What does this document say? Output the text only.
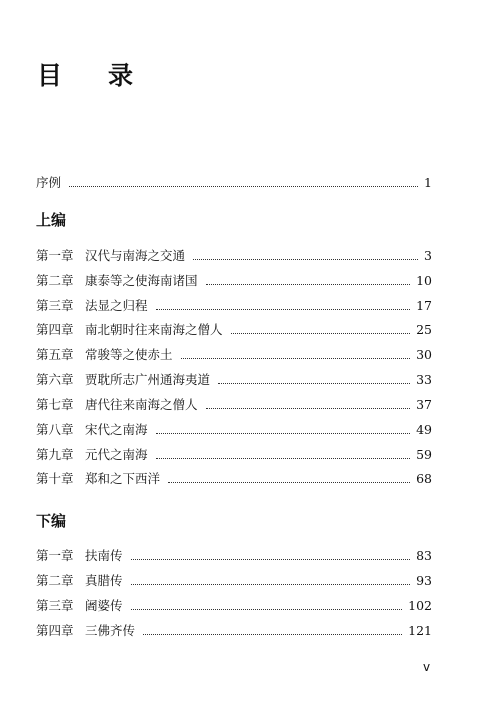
目 录
序例	1
上编
第一章 汉代与南海之交通	3
第二章 康泰等之使海南诸国	10
第三章 法显之归程	17
第四章 南北朝时往来南海之僧人	25
第五章 常骏等之使赤土	30
第六章 贾耽所志广州通海夷道	33
第七章 唐代往来南海之僧人	37
第八章 宋代之南海	49
第九章 元代之南海	59
第十章 郑和之下西洋	68
下编
第一章 扶南传	83
第二章 真腊传	93
第三章 阇婆传	102
第四章 三佛齐传	121
v
